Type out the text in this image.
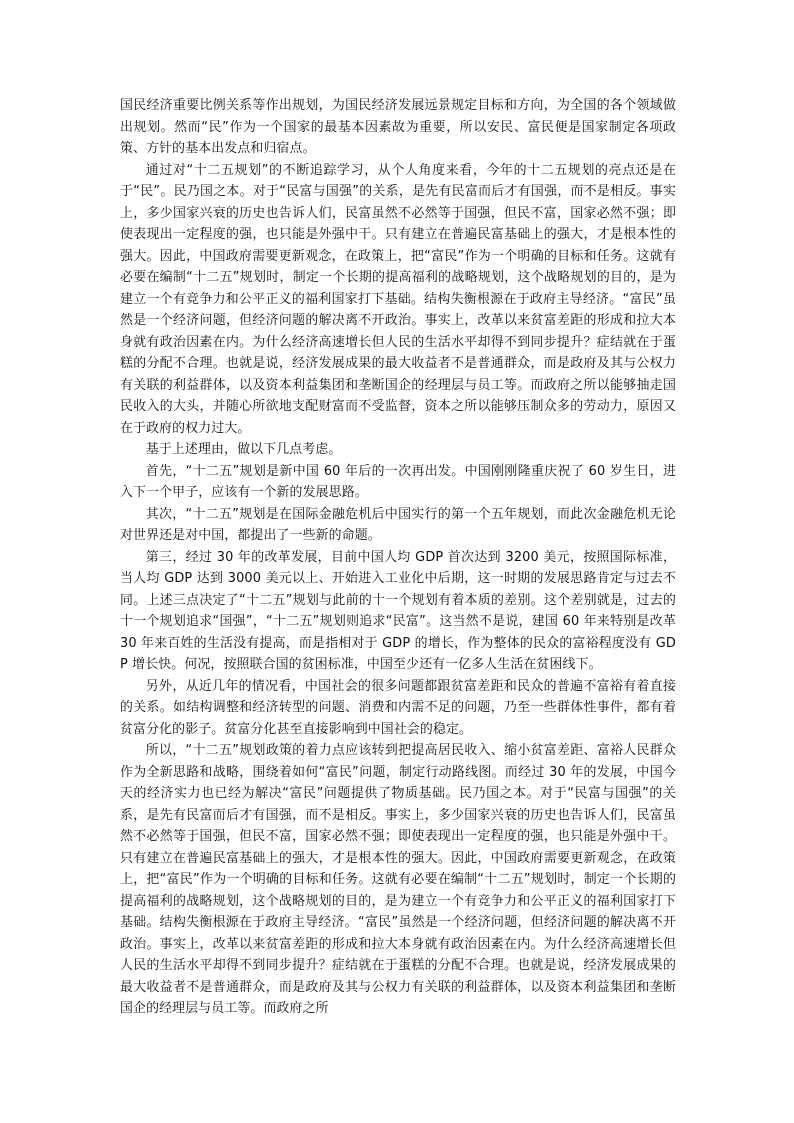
国民经济重要比例关系等作出规划，为国民经济发展远景规定目标和方向，为全国的各个领域做出规划。然而“民”作为一个国家的最基本因素故为重要，所以安民、富民便是国家制定各项政策、方针的基本出发点和归宿点。

通过对“十二五规划”的不断追踪学习，从个人角度来看，今年的十二五规划的亮点还是在于“民”。民乃国之本。对于“民富与国强”的关系，是先有民富而后才有国强，而不是相反。事实上，多少国家兴衰的历史也告诉人们，民富虽然不必然等于国强，但民不富，国家必然不强；即使表现出一定程度的强，也只能是外强中干。只有建立在普遍民富基础上的强大，才是根本性的强大。因此，中国政府需要更新观念，在政策上，把“富民”作为一个明确的目标和任务。这就有必要在编制“十二五”规划时，制定一个长期的提高福利的战略规划，这个战略规划的目的，是为建立一个有竞争力和公平正义的福利国家打下基础。结构失衡根源在于政府主导经济。“富民”虽然是一个经济问题，但经济问题的解决离不开政治。事实上，改革以来贫富差距的形成和拉大本身就有政治因素在内。为什么经济高速增长但人民的生活水平却得不到同步提升？症结就在于蛋糕的分配不合理。也就是说，经济发展成果的最大收益者不是普通群众，而是政府及其与公权力有关联的利益群体，以及资本利益集团和垄断国企的经理层与员工等。而政府之所以能够抽走国民收入的大头，并随心所欲地支配财富而不受监督，资本之所以能够压制众多的劳动力，原因又在于政府的权力过大。

基于上述理由，做以下几点考虑。

首先，“十二五”规划是新中国 60 年后的一次再出发。中国刚刚隆重庆祝了 60 岁生日，进入下一个甲子，应该有一个新的发展思路。

其次，“十二五”规划是在国际金融危机后中国实行的第一个五年规划，而此次金融危机无论对世界还是对中国，都提出了一些新的命题。

第三，经过 30 年的改革发展，目前中国人均 GDP 首次达到 3200 美元，按照国际标准，当人均 GDP 达到 3000 美元以上、开始进入工业化中后期，这一时期的发展思路肯定与过去不同。上述三点决定了“十二五”规划与此前的十一个规划有着本质的差别。这个差别就是，过去的十一个规划追求“国强”，“十二五”规划则追求“民富”。这当然不是说，建国 60 年来特别是改革 30 年来百姓的生活没有提高，而是指相对于 GDP 的增长，作为整体的民众的富裕程度没有 GDP 增长快。何况，按照联合国的贫困标准，中国至少还有一亿多人生活在贫困线下。

另外，从近几年的情况看，中国社会的很多问题都跟贫富差距和民众的普遍不富裕有着直接的关系。如结构调整和经济转型的问题、消费和内需不足的问题，乃至一些群体性事件，都有着贫富分化的影子。贫富分化甚至直接影响到中国社会的稳定。

所以，“十二五”规划政策的着力点应该转到把提高居民收入、缩小贫富差距、富裕人民群众作为全新思路和战略，围绕着如何“富民”问题，制定行动路线图。而经过 30 年的发展，中国今天的经济实力也已经为解决“富民”问题提供了物质基础。民乃国之本。对于“民富与国强”的关系，是先有民富而后才有国强，而不是相反。事实上，多少国家兴衰的历史也告诉人们，民富虽然不必然等于国强，但民不富，国家必然不强；即使表现出一定程度的强，也只能是外强中干。只有建立在普遍民富基础上的强大，才是根本性的强大。因此，中国政府需要更新观念，在政策上，把“富民”作为一个明确的目标和任务。这就有必要在编制“十二五”规划时，制定一个长期的提高福利的战略规划，这个战略规划的目的，是为建立一个有竞争力和公平正义的福利国家打下基础。结构失衡根源在于政府主导经济。“富民”虽然是一个经济问题，但经济问题的解决离不开政治。事实上，改革以来贫富差距的形成和拉大本身就有政治因素在内。为什么经济高速增长但人民的生活水平却得不到同步提升？症结就在于蛋糕的分配不合理。也就是说，经济发展成果的最大收益者不是普通群众，而是政府及其与公权力有关联的利益群体，以及资本利益集团和垄断国企的经理层与员工等。而政府之所
